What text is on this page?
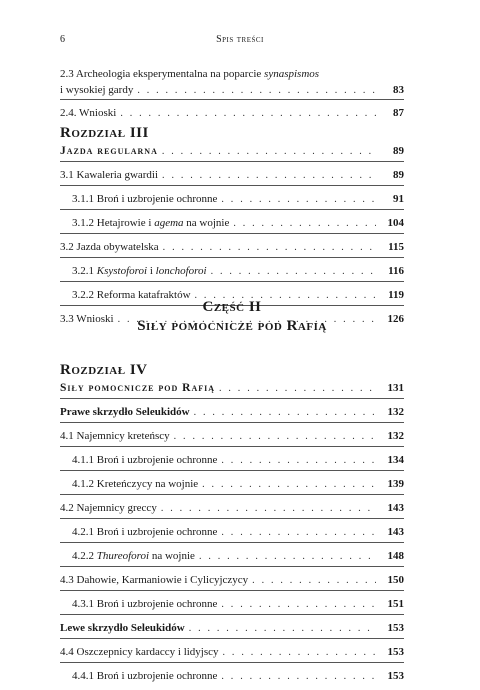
6	Spis treści
2.3 Archeologia eksperymentalna na poparcie synaspismos
i wysokiej gardy . . .	83
2.4. Wnioski . . .	87
Rozdział III
Jazda regularna . . .	89
3.1 Kawaleria gwardii . . .	89
3.1.1 Broń i uzbrojenie ochronne . . .	91
3.1.2 Hetajrowie i agema na wojnie . . .	104
3.2 Jazda obywatelska . . .	115
3.2.1 Ksystoforoi i lonchoforoi . . .	116
3.2.2 Reforma katafraktów . . .	119
3.3 Wnioski . . .	126
Część II
Siły pomocnicze pod Rafią
Rozdział IV
Siły pomocnicze pod Rafią . . .	131
Prawe skrzydło Seleukidów . . .	132
4.1 Najemnicy kreteńscy . . .	132
4.1.1 Broń i uzbrojenie ochronne . . .	134
4.1.2 Kreteńczycy na wojnie . . .	139
4.2 Najemnicy greccy . . .	143
4.2.1 Broń i uzbrojenie ochronne . . .	143
4.2.2 Thureoforoi na wojnie . . .	148
4.3 Dahowie, Karmaniowie i Cylicyjczycy . . .	150
4.3.1 Broń i uzbrojenie ochronne . . .	151
Lewe skrzydło Seleukidów . . .	153
4.4 Oszczepnicy kardaccy i lidyjscy . . .	153
4.4.1 Broń i uzbrojenie ochronne . . .	153
